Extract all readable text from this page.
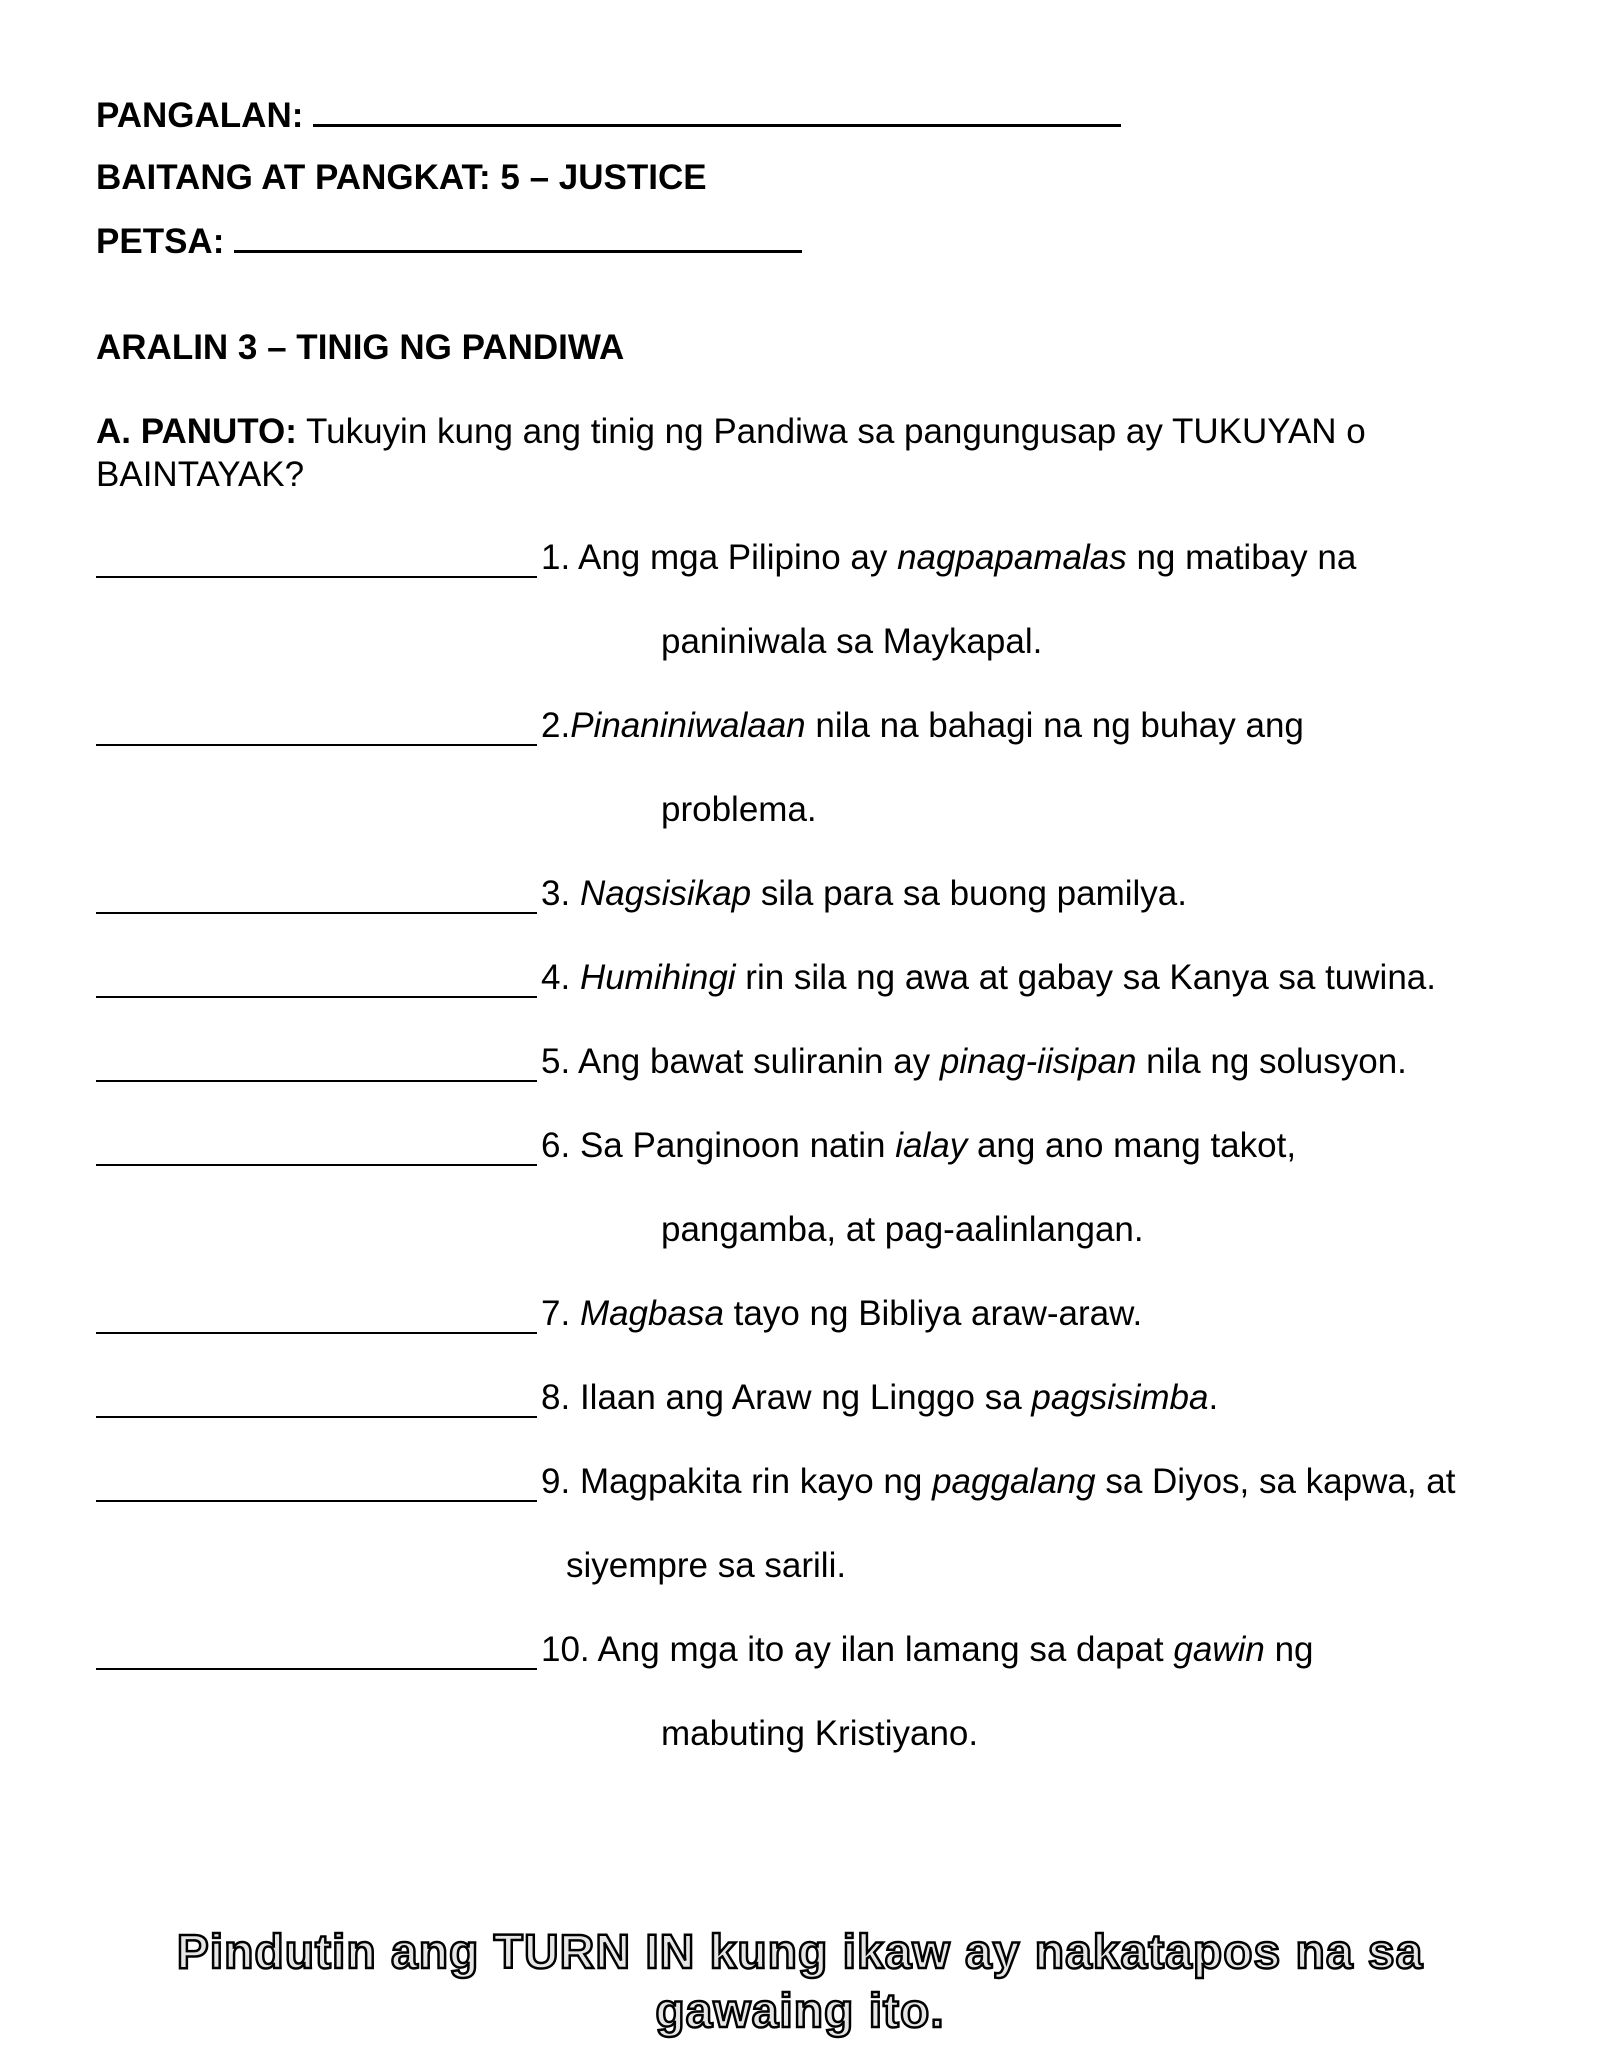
PANGALAN:
BAITANG AT PANGKAT: 5 – JUSTICE
PETSA:
ARALIN 3 – TINIG NG PANDIWA
A. PANUTO: Tukuyin kung ang tinig ng Pandiwa sa pangungusap ay TUKUYAN o
BAINTAYAK?
1. Ang mga Pilipino ay nagpapamalas ng matibay na
paniniwala sa Maykapal.
2.Pinaniniwalaan nila na bahagi na ng buhay ang
problema.
3. Nagsisikap sila para sa buong pamilya.
4. Humihingi rin sila ng awa at gabay sa Kanya sa tuwina.
5. Ang bawat suliranin ay pinag-iisipan nila ng solusyon.
6. Sa Panginoon natin ialay ang ano mang takot,
pangamba, at pag-aalinlangan.
7. Magbasa tayo ng Bibliya araw-araw.
8. Ilaan ang Araw ng Linggo sa pagsisimba.
9. Magpakita rin kayo ng paggalang sa Diyos, sa kapwa, at
siyempre sa sarili.
10. Ang mga ito ay ilan lamang sa dapat gawin ng
mabuting Kristiyano.
Pindutin ang TURN IN kung ikaw ay nakatapos na sa
gawaing ito.
